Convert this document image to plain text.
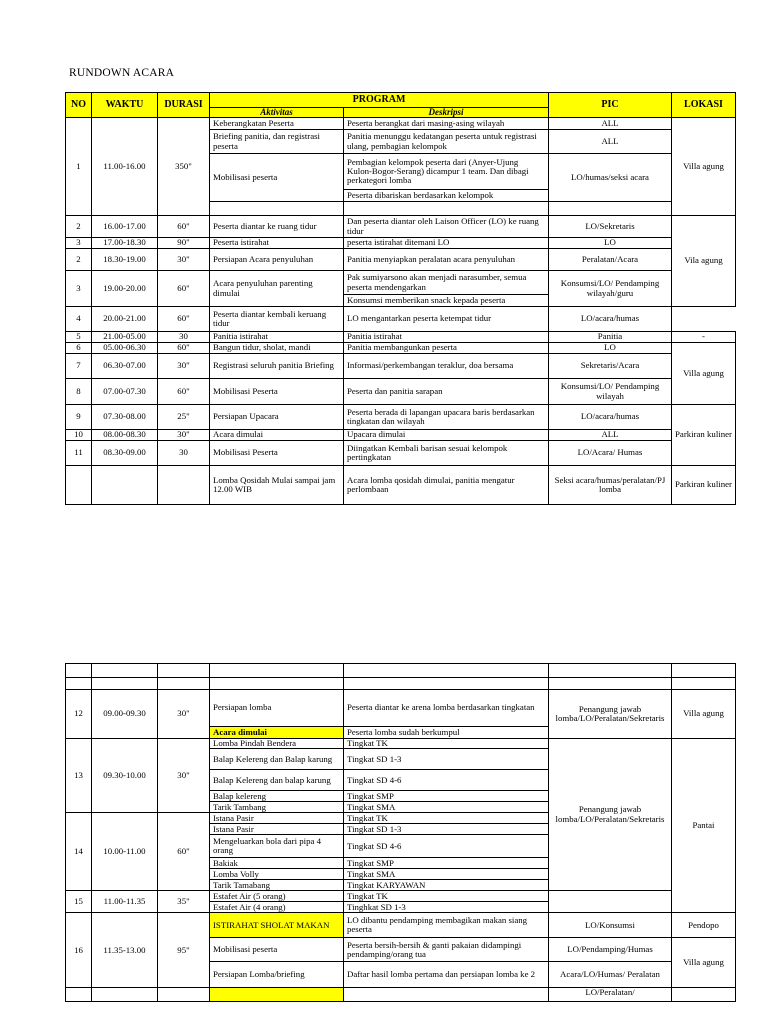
RUNDOWN ACARA
NO	WAKTU	DURASI	PROGRAM		PIC	LOKASI
			Aktivitas	Deskripsi		
1	11.00-16.00	350"	Keberangkatan Peserta	Peserta berangkat dari masing-asing wilayah	ALL	Villa agung
			Briefing panitia, dan registrasi peserta	Panitia menunggu kedatangan peserta untuk registrasi ulang, pembagian kelompok	ALL	
			Mobilisasi peserta	Pembagian kelompok peserta dari (Anyer-Ujung Kulon-Bogor-Serang) dicampur 1 team. Dan dibagi perkategori lomba	LO/humas/seksi acara	
				Peserta dibariskan berdasarkan kelompok		

2	16.00-17.00	60"	Peserta diantar ke ruang tidur	Dan peserta diantar oleh Laison Officer (LO) ke ruang tidur	LO/Sekretaris	Vila agung
3	17.00-18.30	90"	Peserta istirahat	peserta istirahat ditemani LO	LO	
2	18.30-19.00	30"	Persiapan Acara penyuluhan	Panitia menyiapkan peralatan acara penyuluhan	Peralatan/Acara	
3	19.00-20.00	60"	Acara penyuluhan parenting dimulai	Pak sumiyarsono akan menjadi narasumber, semua peserta mendengarkan	Konsumsi/LO/ Pendamping wilayah/guru	
				Konsumsi memberikan snack kepada peserta		
4	20.00-21.00	60"	Peserta diantar kembali keruang tidur	LO mengantarkan peserta ketempat tidur	LO/acara/humas	
5	21.00-05.00	30	Panitia istirahat	Panitia istirahat	Panitia	-
6	05.00-06.30	60"	Bangun tidur, sholat, mandi	Panitia membangunkan peserta	LO	Villa agung
7	06.30-07.00	30"	Registrasi seluruh panitia Briefing	Informasi/perkembangan teraklur, doa bersama	Sekretaris/Acara	
8	07.00-07.30	60"	Mobilisasi Peserta	Peserta dan panitia sarapan	Konsumsi/LO/ Pendamping wilayah	
9	07.30-08.00	25"	Persiapan Upacara	Peserta berada di lapangan upacara baris berdasarkan tingkatan dan wilayah	LO/acara/humas	Parkiran kuliner
10	08.00-08.30	30"	Acara dimulai	Upacara dimulai	ALL	
11	08.30-09.00	30	Mobilisasi Peserta	Diingatkan Kembali barisan sesuai kelompok pertingkatan	LO/Acara/ Humas	
			Lomba Qosidah Mulai sampai jam 12.00 WIB	Acara lomba qosidah dimulai, panitia mengatur perlombaan	Seksi acara/humas/peralatan/PJ lomba	Parkiran kuliner

12	09.00-09.30	30"	Persiapan lomba	Peserta diantar ke arena lomba berdasarkan tingkatan	Penangung jawab lomba/LO/Peralatan/Sekretaris	Villa agung
			Acara dimulai	Peserta lomba sudah berkumpul		
13	09.30-10.00	30"	Lomba Pindah Bendera	Tingkat TK	Penangung jawab lomba/LO/Peralatan/Sekretaris	Pantai
			Balap Kelereng dan Balap karung	Tingkat SD 1-3		
			Balap Kelereng dan balap karung	Tingkat SD 4-6		
			Balap kelereng	Tingkat SMP		
			Tarik Tambang	Tingkat SMA		
14	10.00-11.00	60"	Istana Pasir	Tingkat TK		
			Istana Pasir	Tingkat SD 1-3		
			Mengeluarkan bola dari pipa 4 orang	Tingkat SD 4-6		
			Bakiak	Tingkat SMP		
			Lomba Volly	Tingkat SMA		
			Tarik Tamabang	Tingkat KARYAWAN		
15	11.00-11.35	35"	Estafet Air (5 orang)	Tingkat TK		
			Estafet Air (4 orang)	Tinghkat SD 1-3		
16	11.35-13.00	95"	ISTIRAHAT SHOLAT MAKAN	LO dibantu pendamping membagikan makan siang peserta	LO/Konsumsi	Pendopo
			Mobilisasi peserta	Peserta bersih-bersih & ganti pakaian didampingi pendamping/orang tua	LO/Pendamping/Humas	Villa agung
			Persiapan Lomba/briefing	Daftar hasil lomba pertama dan persiapan lomba ke 2	Acara/LO/Humas/ Peralatan	
					LO/Peralatan/	
